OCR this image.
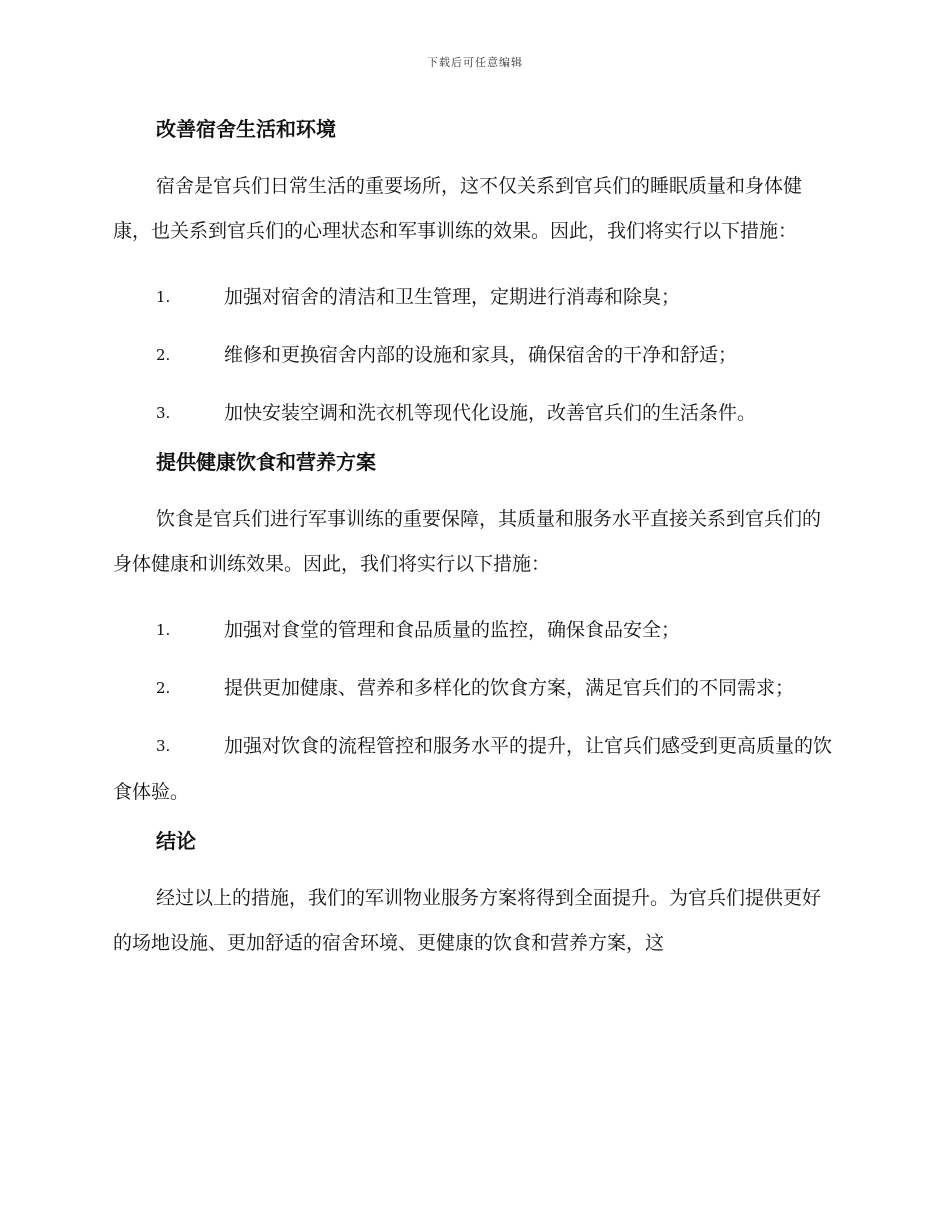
下载后可任意编辑
改善宿舍生活和环境

宿舍是官兵们日常生活的重要场所，这不仅关系到官兵们的睡眠质量和身体健康，也关系到官兵们的心理状态和军事训练的效果。因此，我们将实行以下措施：

1.	加强对宿舍的清洁和卫生管理，定期进行消毒和除臭；
2.	维修和更换宿舍内部的设施和家具，确保宿舍的干净和舒适；
3.	加快安装空调和洗衣机等现代化设施，改善官兵们的生活条件。
提供健康饮食和营养方案

饮食是官兵们进行军事训练的重要保障，其质量和服务水平直接关系到官兵们的身体健康和训练效果。因此，我们将实行以下措施：

1.	加强对食堂的管理和食品质量的监控，确保食品安全；
2.	提供更加健康、营养和多样化的饮食方案，满足官兵们的不同需求；
3.	加强对饮食的流程管控和服务水平的提升，让官兵们感受到更高质量的饮食体验。
结论

经过以上的措施，我们的军训物业服务方案将得到全面提升。为官兵们提供更好的场地设施、更加舒适的宿舍环境、更健康的饮食和营养方案，这
